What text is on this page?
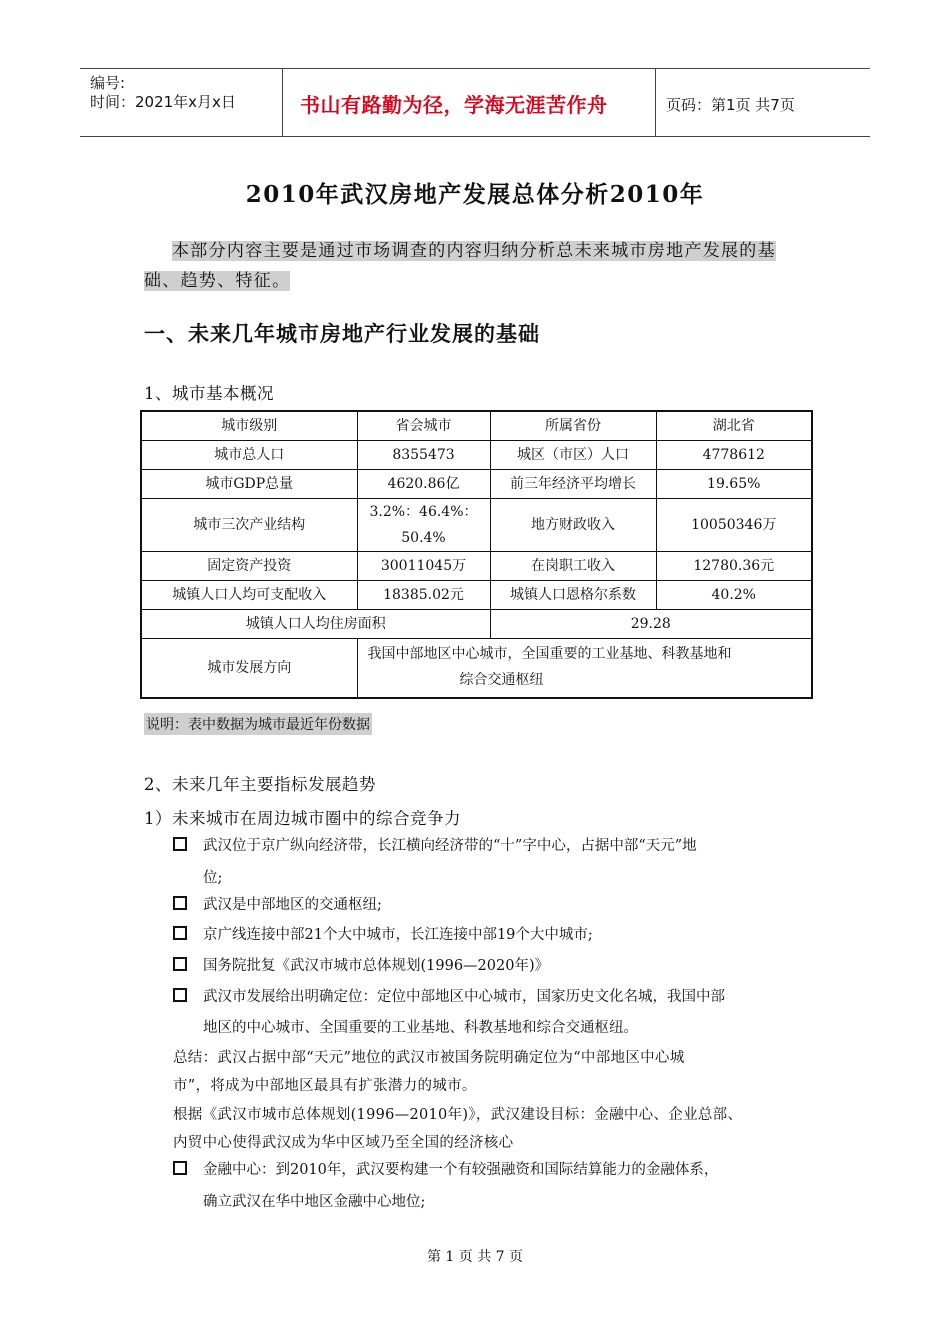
编号:
时间：2021年x月x日	书山有路勤为径，学海无涯苦作舟	页码：第1页 共7页
2010年武汉房地产发展总体分析2010年
本部分内容主要是通过市场调查的内容归纳分析总未来城市房地产发展的基
础、趋势、特征。
一、未来几年城市房地产行业发展的基础
1、城市基本概况
城市级别	省会城市	所属省份	湖北省
城市总人口	8355473	城区（市区）人口	4778612
城市GDP总量	4620.86亿	前三年经济平均增长	19.65%
城市三次产业结构	3.2%：46.4%：
50.4%	地方财政收入	10050346万
固定资产投资	30011045万	在岗职工收入	12780.36元
城镇人口人均可支配收入	18385.02元	城镇人口恩格尔系数	40.2%
城镇人口人均住房面积		29.28	
城市发展方向	我国中部地区中心城市，全国重要的工业基地、科教基地和
综合交通枢纽		
说明：表中数据为城市最近年份数据
2、未来几年主要指标发展趋势
1）未来城市在周边城市圈中的综合竞争力
武汉位于京广纵向经济带，长江横向经济带的“十”字中心，占据中部“天元”地
位;
武汉是中部地区的交通枢纽;
京广线连接中部21个大中城市，长江连接中部19个大中城市;
国务院批复《武汉市城市总体规划(1996—2020年)》
武汉市发展给出明确定位：定位中部地区中心城市，国家历史文化名城，我国中部
地区的中心城市、全国重要的工业基地、科教基地和综合交通枢纽。
总结：武汉占据中部“天元”地位的武汉市被国务院明确定位为“中部地区中心城
市”，将成为中部地区最具有扩张潜力的城市。
根据《武汉市城市总体规划(1996—2010年)》，武汉建设目标：金融中心、企业总部、
内贸中心使得武汉成为华中区域乃至全国的经济核心
金融中心：到2010年，武汉要构建一个有较强融资和国际结算能力的金融体系，
确立武汉在华中地区金融中心地位;
第 1 页 共 7 页
